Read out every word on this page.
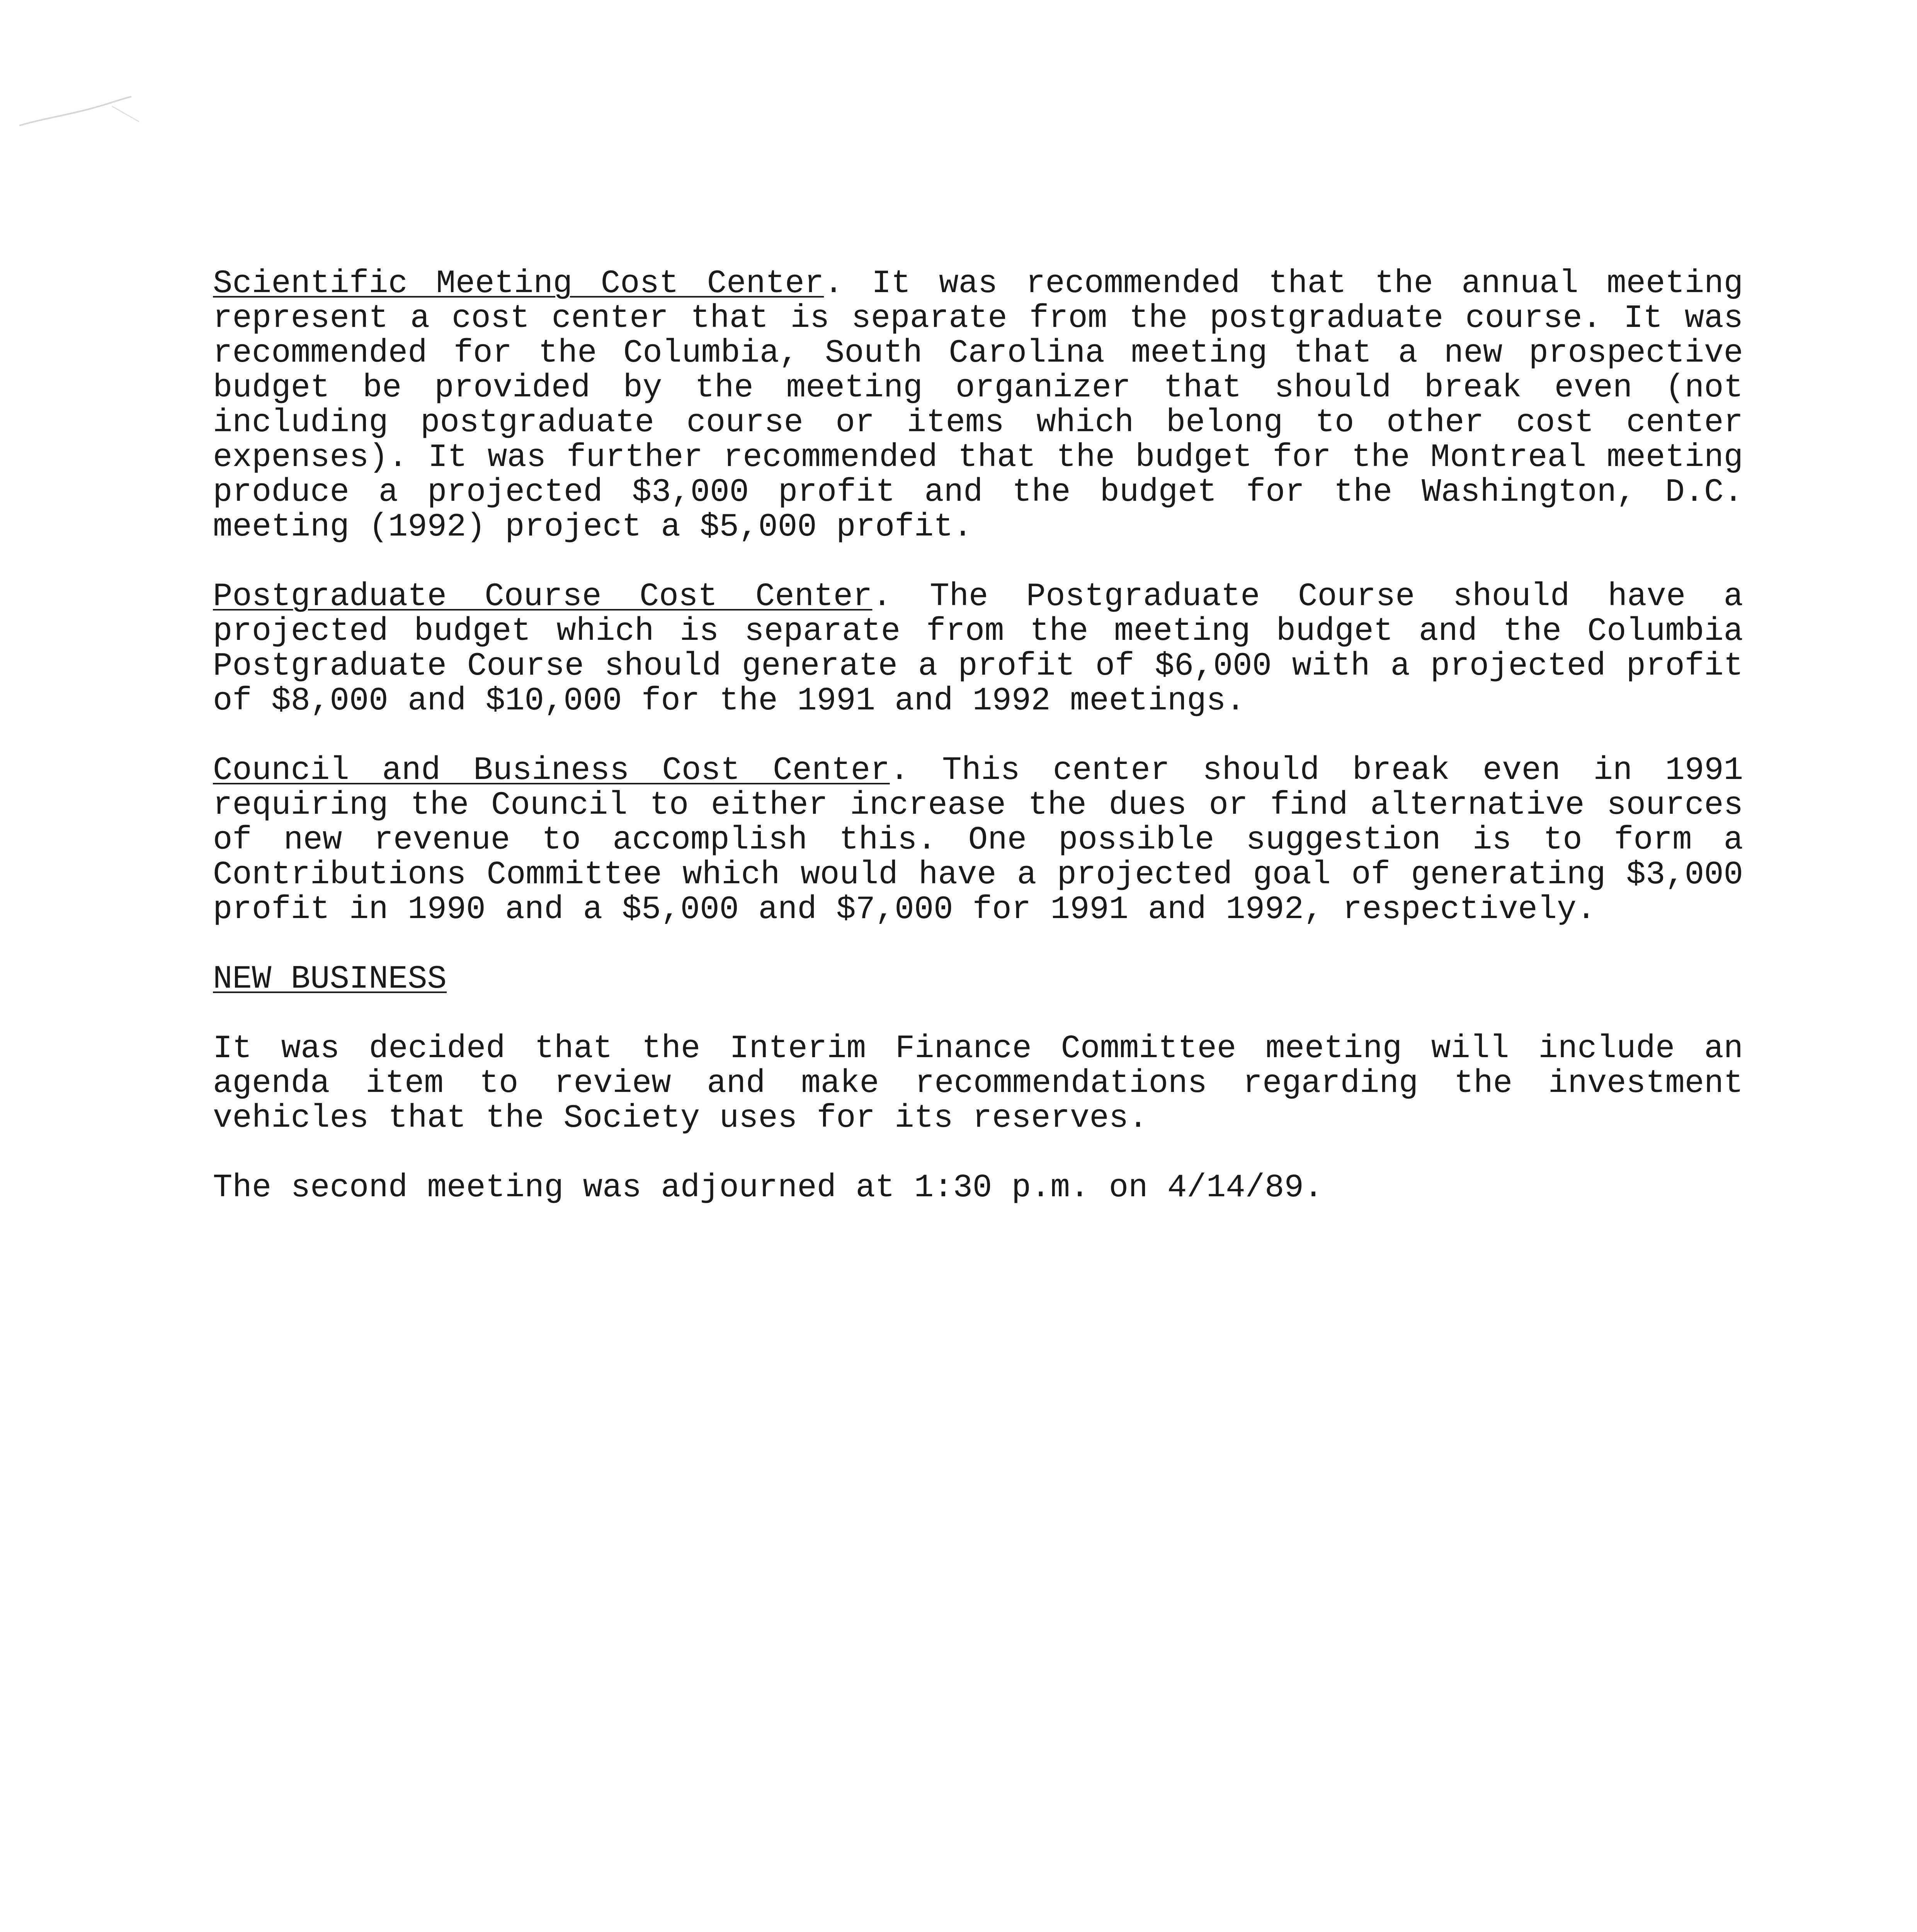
Scientific Meeting Cost Center. It was recommended that the annual meeting represent a cost center that is separate from the postgraduate course. It was recommended for the Columbia, South Carolina meeting that a new prospective budget be provided by the meeting organizer that should break even (not including postgraduate course or items which belong to other cost center expenses). It was further recommended that the budget for the Montreal meeting produce a projected $3,000 profit and the budget for the Washington, D.C. meeting (1992) project a $5,000 profit.

Postgraduate Course Cost Center. The Postgraduate Course should have a projected budget which is separate from the meeting budget and the Columbia Postgraduate Course should generate a profit of $6,000 with a projected profit of $8,000 and $10,000 for the 1991 and 1992 meetings.

Council and Business Cost Center. This center should break even in 1991 requiring the Council to either increase the dues or find alternative sources of new revenue to accomplish this. One possible suggestion is to form a Contributions Committee which would have a projected goal of generating $3,000 profit in 1990 and a $5,000 and $7,000 for 1991 and 1992, respectively.

NEW BUSINESS

It was decided that the Interim Finance Committee meeting will include an agenda item to review and make recommendations regarding the investment vehicles that the Society uses for its reserves.

The second meeting was adjourned at 1:30 p.m. on 4/14/89.
